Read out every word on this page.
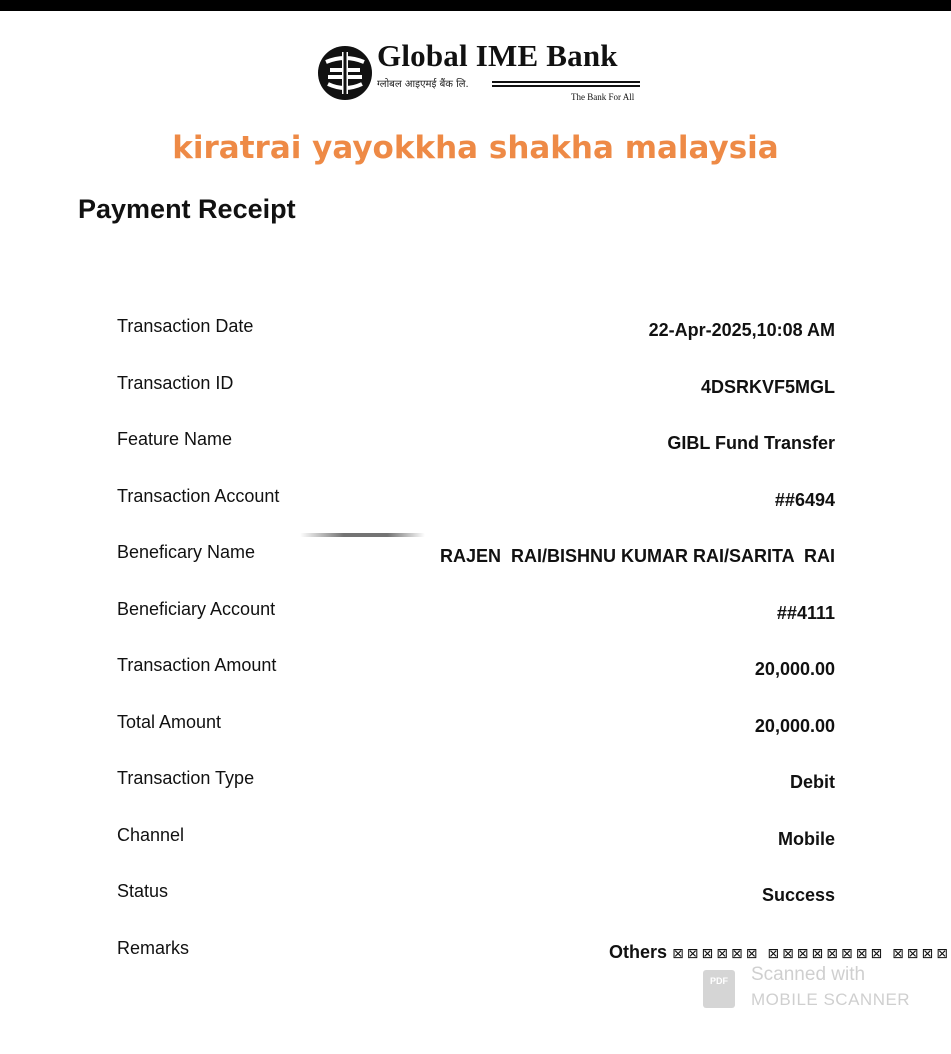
Global IME Bank
ग्लोबल आइएमई बैंक लि.
The Bank For All
kiratrai yayokkha shakha malaysia
Payment Receipt
Transaction Date	22-Apr-2025,10:08 AM
Transaction ID	4DSRKVF5MGL
Feature Name	GIBL Fund Transfer
Transaction Account	##6494
Beneficary Name	RAJEN  RAI/BISHNU KUMAR RAI/SARITA  RAI
Beneficiary Account	##4111
Transaction Amount	20,000.00
Total Amount	20,000.00
Transaction Type	Debit
Channel	Mobile
Status	Success
Remarks	Others ⊠⊠⊠⊠⊠⊠ ⊠⊠⊠⊠⊠⊠⊠⊠ ⊠⊠⊠⊠
PDF	Scanned with
MOBILE SCANNER
